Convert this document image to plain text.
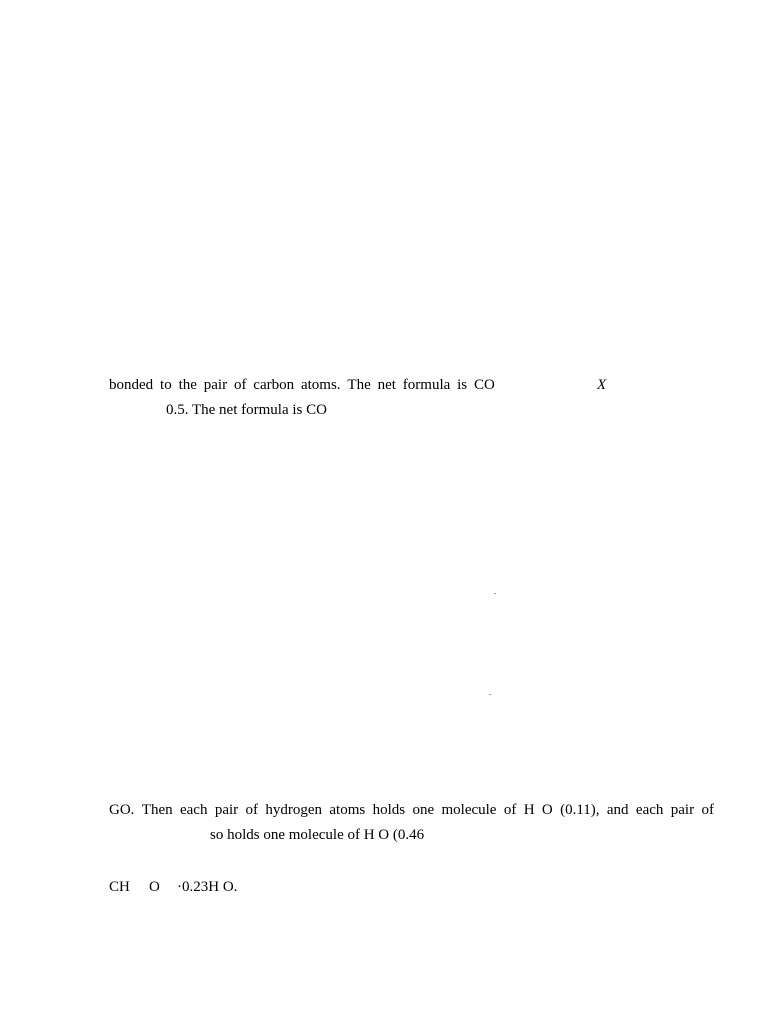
bonded to the pair of carbon atoms. The net formula is CO	X
0.5. The net formula is CO
.
.
GO. Then each pair of hydrogen atoms holds one molecule of H O (0.11), and each pair of
so holds one molecule of H O (0.46
CH O ·0.23H O.
